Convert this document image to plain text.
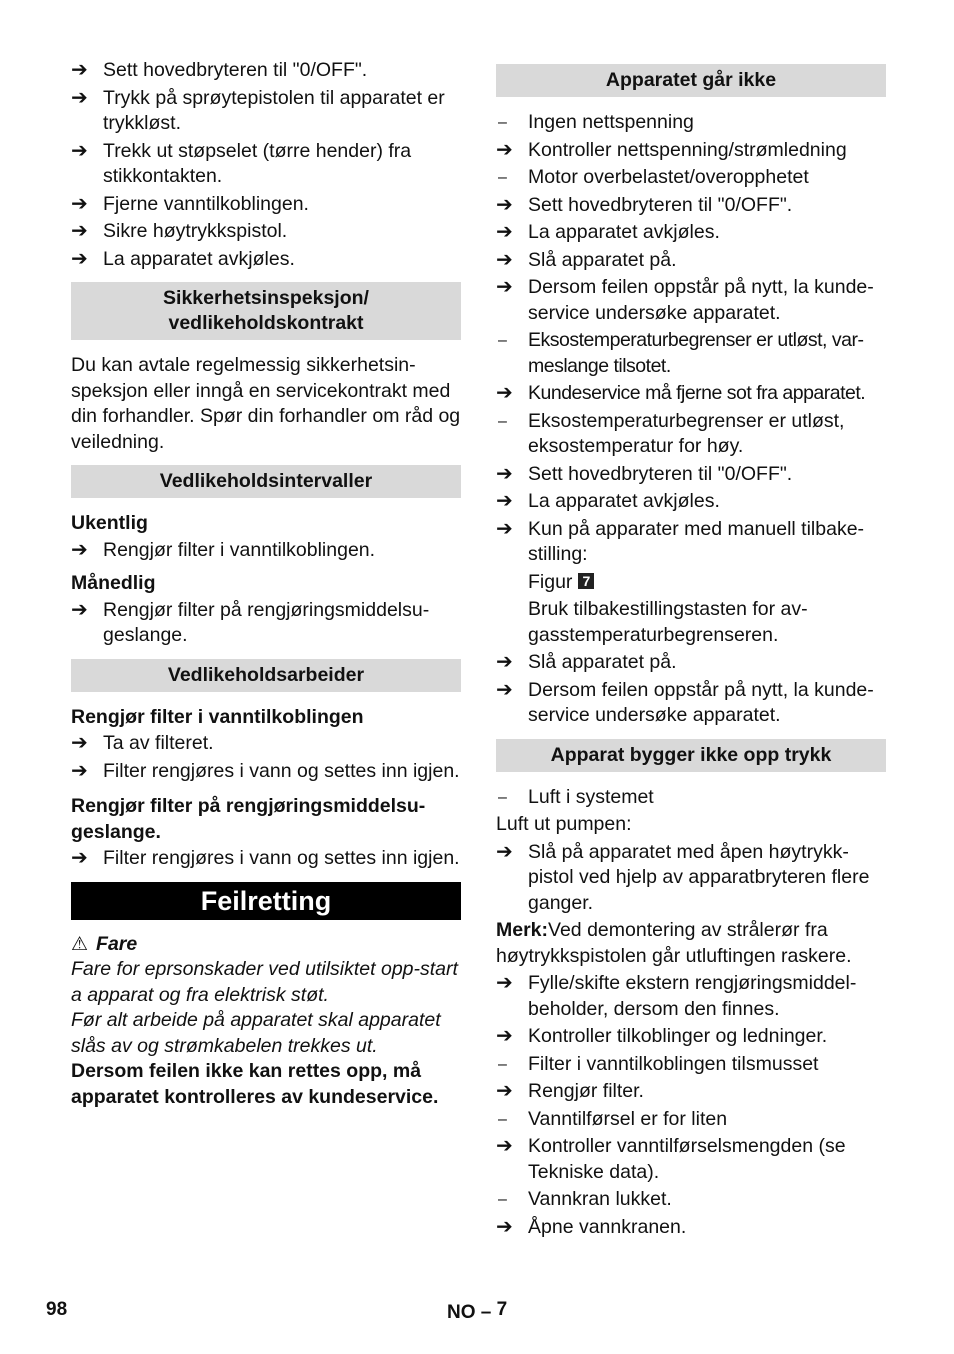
➔ Sett hovedbryteren til "0/OFF".
➔ Trykk på sprøytepistolen til apparatet er trykkløst.
➔ Trekk ut støpselet (tørre hender) fra stikkontakten.
➔ Fjerne vanntilkoblingen.
➔ Sikre høytrykkspistol.
➔ La apparatet avkjøles.
Sikkerhetsinspeksjon/
vedlikeholdskontrakt
Du kan avtale regelmessig sikkerhetsin-speksjon eller inngå en servicekontrakt med din forhandler. Spør din forhandler om råd og veiledning.
Vedlikeholdsintervaller
Ukentlig
➔ Rengjør filter i vanntilkoblingen.
Månedlig
➔ Rengjør filter på rengjøringsmiddelsu-geslange.
Vedlikeholdsarbeider
Rengjør filter i vanntilkoblingen
➔ Ta av filteret.
➔ Filter rengjøres i vann og settes inn igjen.
Rengjør filter på rengjøringsmiddelsu-geslange.
➔ Filter rengjøres i vann og settes inn igjen.
Feilretting
⚠ Fare
Fare for eprsonskader ved utilsiktet opp-start a apparat og fra elektrisk støt.
Før alt arbeide på apparatet skal apparatet slås av og strømkabelen trekkes ut.
Dersom feilen ikke kan rettes opp, må apparatet kontrolleres av kundeservice.
Apparatet går ikke
–	Ingen nettspenning
➔ Kontroller nettspenning/strømledning
–	Motor overbelastet/overopphetet
➔ Sett hovedbryteren til "0/OFF".
➔ La apparatet avkjøles.
➔ Slå apparatet på.
➔ Dersom feilen oppstår på nytt, la kunde-service undersøke apparatet.
–	Eksostemperaturbegrenser er utløst, var-meslange tilsotet.
➔ Kundeservice må fjerne sot fra apparatet.
–	Eksostemperaturbegrenser er utløst, eksostemperatur for høy.
➔ Sett hovedbryteren til "0/OFF".
➔ La apparatet avkjøles.
➔ Kun på apparater med manuell tilbake-stilling:
Figur 7
Bruk tilbakestillingstasten for av-gasstemperaturbegrenseren.
➔ Slå apparatet på.
➔ Dersom feilen oppstår på nytt, la kunde-service undersøke apparatet.
Apparat bygger ikke opp trykk
–	Luft i systemet
Luft ut pumpen:
➔ Slå på apparatet med åpen høytrykk-pistol ved hjelp av apparatbryteren flere ganger.
Merk:Ved demontering av strålerør fra høytrykkspistolen går utluftingen raskere.
➔ Fylle/skifte ekstern rengjøringsmiddel-beholder, dersom den finnes.
➔ Kontroller tilkoblinger og ledninger.
–	Filter i vanntilkoblingen tilsmusset
➔ Rengjør filter.
–	Vanntilførsel er for liten
➔ Kontroller vanntilførselsmengden (se Tekniske data).
–	Vannkran lukket.
➔ Åpne vannkranen.
98	NO – 7
